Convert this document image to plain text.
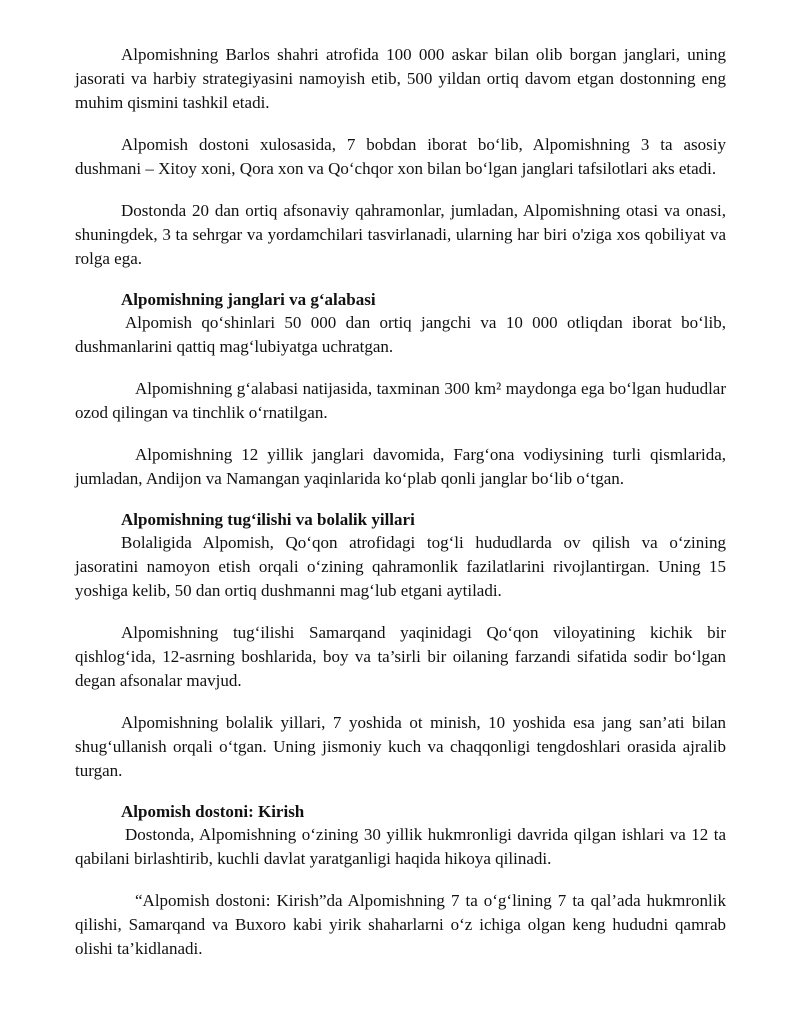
Alpomishning Barlos shahri atrofida 100 000 askar bilan olib borgan janglari, uning jasorati va harbiy strategiyasini namoyish etib, 500 yildan ortiq davom etgan dostonning eng muhim qismini tashkil etadi.

Alpomish dostoni xulosasida, 7 bobdan iborat bo‘lib, Alpomishning 3 ta asosiy dushmani – Xitoy xoni, Qora xon va Qo‘chqor xon bilan bo‘lgan janglari tafsilotlari aks etadi.

Dostonda 20 dan ortiq afsonaviy qahramonlar, jumladan, Alpomishning otasi va onasi, shuningdek, 3 ta sehrgar va yordamchilari tasvirlanadi, ularning har biri o'ziga xos qobiliyat va rolga ega.

Alpomishning janglari va g‘alabasi

Alpomish qo‘shinlari 50 000 dan ortiq jangchi va 10 000 otliqdan iborat bo‘lib, dushmanlarini qattiq mag‘lubiyatga uchratgan.

Alpomishning g‘alabasi natijasida, taxminan 300 km² maydonga ega bo‘lgan hududlar ozod qilingan va tinchlik o‘rnatilgan.

Alpomishning 12 yillik janglari davomida, Farg‘ona vodiysining turli qismlarida, jumladan, Andijon va Namangan yaqinlarida ko‘plab qonli janglar bo‘lib o‘tgan.

Alpomishning tug‘ilishi va bolalik yillari

Bolaligida Alpomish, Qo‘qon atrofidagi tog‘li hududlarda ov qilish va o‘zining jasoratini namoyon etish orqali o‘zining qahramonlik fazilatlarini rivojlantirgan. Uning 15 yoshiga kelib, 50 dan ortiq dushmanni mag‘lub etgani aytiladi.

Alpomishning tug‘ilishi Samarqand yaqinidagi Qo‘qon viloyatining kichik bir qishlog‘ida, 12-asrning boshlarida, boy va ta’sirli bir oilaning farzandi sifatida sodir bo‘lgan degan afsonalar mavjud.

Alpomishning bolalik yillari, 7 yoshida ot minish, 10 yoshida esa jang san’ati bilan shug‘ullanish orqali o‘tgan. Uning jismoniy kuch va chaqqonligi tengdoshlari orasida ajralib turgan.

Alpomish dostoni: Kirish

Dostonda, Alpomishning o‘zining 30 yillik hukmronligi davrida qilgan ishlari va 12 ta qabilani birlashtirib, kuchli davlat yaratganligi haqida hikoya qilinadi.

“Alpomish dostoni: Kirish”da Alpomishning 7 ta o‘g‘lining 7 ta qal’ada hukmronlik qilishi, Samarqand va Buxoro kabi yirik shaharlarni o‘z ichiga olgan keng hududni qamrab olishi ta’kidlanadi.
